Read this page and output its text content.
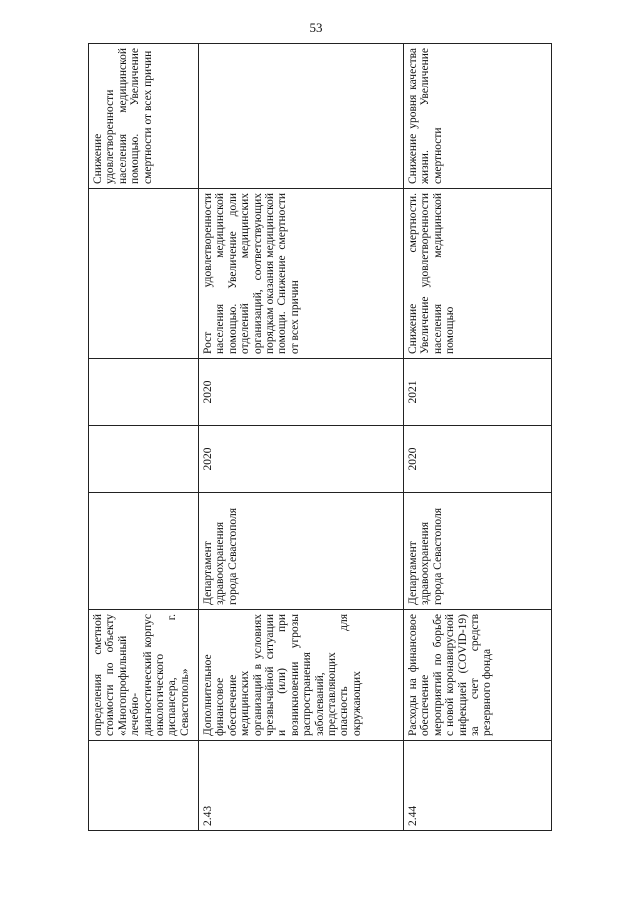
53
	определения сметной стоимости по объекту «Многопрофильный лечебно-диагностический корпус онкологического диспансера, г. Севастополь»					Снижение удовлетворенности населения медицинской помощью. Увеличение смертности от всех причин
2.43	Дополнительное финансовое обеспечение медицинских организаций в условиях чрезвычайной ситуации и (или) при возникновении угрозы распространения заболеваний, представляющих опасность для окружающих	Департамент здравоохранения города Севастополя	2020	2020	Рост удовлетворенности населения медицинской помощью. Увеличение доли отделений медицинских организаций, соответствующих порядкам оказания медицинской помощи. Снижение смертности от всех причин	
2.44	Расходы на финансовое обеспечение мероприятий по борьбе с новой коронавирусной инфекцией (COVID-19) за счет средств резервного фонда	Департамент здравоохранения города Севастополя	2020	2021	Снижение смертности. Увеличение удовлетворенности населения медицинской помощью	Снижение уровня качества жизни. Увеличение смертности
